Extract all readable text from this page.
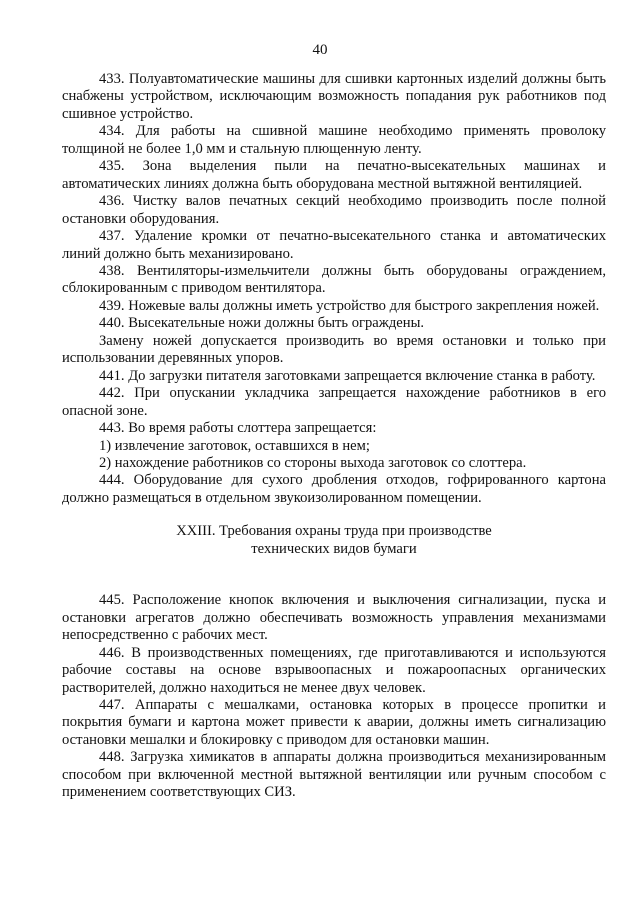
40

433. Полуавтоматические машины для сшивки картонных изделий должны быть снабжены устройством, исключающим возможность попадания рук работников под сшивное устройство.

434. Для работы на сшивной машине необходимо применять проволоку толщиной не более 1,0 мм и стальную плющенную ленту.

435. Зона выделения пыли на печатно-высекательных машинах и автоматических линиях должна быть оборудована местной вытяжной вентиляцией.

436. Чистку валов печатных секций необходимо производить после полной остановки оборудования.

437. Удаление кромки от печатно-высекательного станка и автоматических линий должно быть механизировано.

438. Вентиляторы-измельчители должны быть оборудованы ограждением, сблокированным с приводом вентилятора.

439. Ножевые валы должны иметь устройство для быстрого закрепления ножей.

440. Высекательные ножи должны быть ограждены.

Замену ножей допускается производить во время остановки и только при использовании деревянных упоров.

441. До загрузки питателя заготовками запрещается включение станка в работу.

442. При опускании укладчика запрещается нахождение работников в его опасной зоне.

443. Во время работы слоттера запрещается:

1) извлечение заготовок, оставшихся в нем;

2) нахождение работников со стороны выхода заготовок со слоттера.

444. Оборудование для сухого дробления отходов, гофрированного картона должно размещаться в отдельном звукоизолированном помещении.

XXIII. Требования охраны труда при производстве
технических видов бумаги

445. Расположение кнопок включения и выключения сигнализации, пуска и остановки агрегатов должно обеспечивать возможность управления механизмами непосредственно с рабочих мест.

446. В производственных помещениях, где приготавливаются и используются рабочие составы на основе взрывоопасных и пожароопасных органических растворителей, должно находиться не менее двух человек.

447. Аппараты с мешалками, остановка которых в процессе пропитки и покрытия бумаги и картона может привести к аварии, должны иметь сигнализацию остановки мешалки и блокировку с приводом для остановки машин.

448. Загрузка химикатов в аппараты должна производиться механизированным способом при включенной местной вытяжной вентиляции или ручным способом с применением соответствующих СИЗ.
